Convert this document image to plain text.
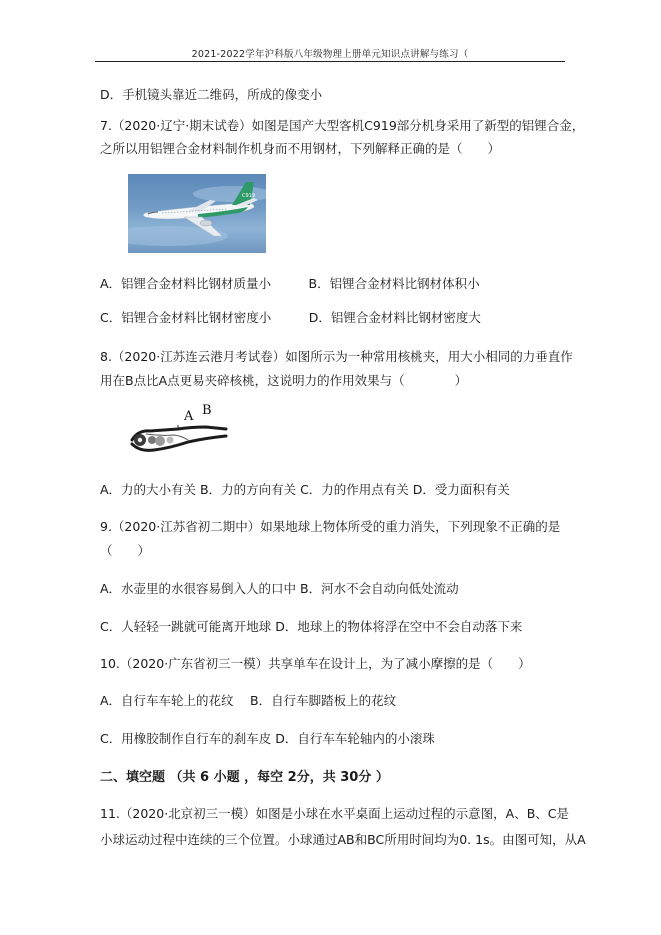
2021-2022学年沪科版八年级物理上册单元知识点讲解与练习（
D．手机镜头靠近二维码，所成的像变小
7.（2020·辽宁·期末试卷）如图是国产大型客机C919部分机身采用了新型的铝锂合金，
之所以用铝锂合金材料制作机身而不用钢材，下列解释正确的是（　　）
C919
A．铝锂合金材料比钢材质量小　　　B．铝锂合金材料比钢材体积小
C．铝锂合金材料比钢材密度小　　　D．铝锂合金材料比钢材密度大
8.（2020·江苏连云港月考试卷）如图所示为一种常用核桃夹，用大小相同的力垂直作
用在B点比A点更易夹碎核桃，这说明力的作用效果与（　　　　）
A B
A．力的大小有关 B．力的方向有关 C．力的作用点有关 D．受力面积有关
9.（2020·江苏省初二期中）如果地球上物体所受的重力消失，下列现象不正确的是
（　　）
A．水壶里的水很容易倒入人的口中 B．河水不会自动向低处流动
C．人轻轻一跳就可能离开地球 D．地球上的物体将浮在空中不会自动落下来
10.（2020·广东省初三一模）共享单车在设计上，为了减小摩擦的是（　　）
A．自行车车轮上的花纹　 B．自行车脚踏板上的花纹
C．用橡胶制作自行车的刹车皮 D．自行车车轮轴内的小滚珠
二、填空题 （共 6 小题 ，每空 2分，共 30分 ）
11.（2020·北京初三一模）如图是小球在水平桌面上运动过程的示意图，A、B、C是
小球运动过程中连续的三个位置。小球通过AB和BC所用时间均为0. 1s。由图可知，从A
